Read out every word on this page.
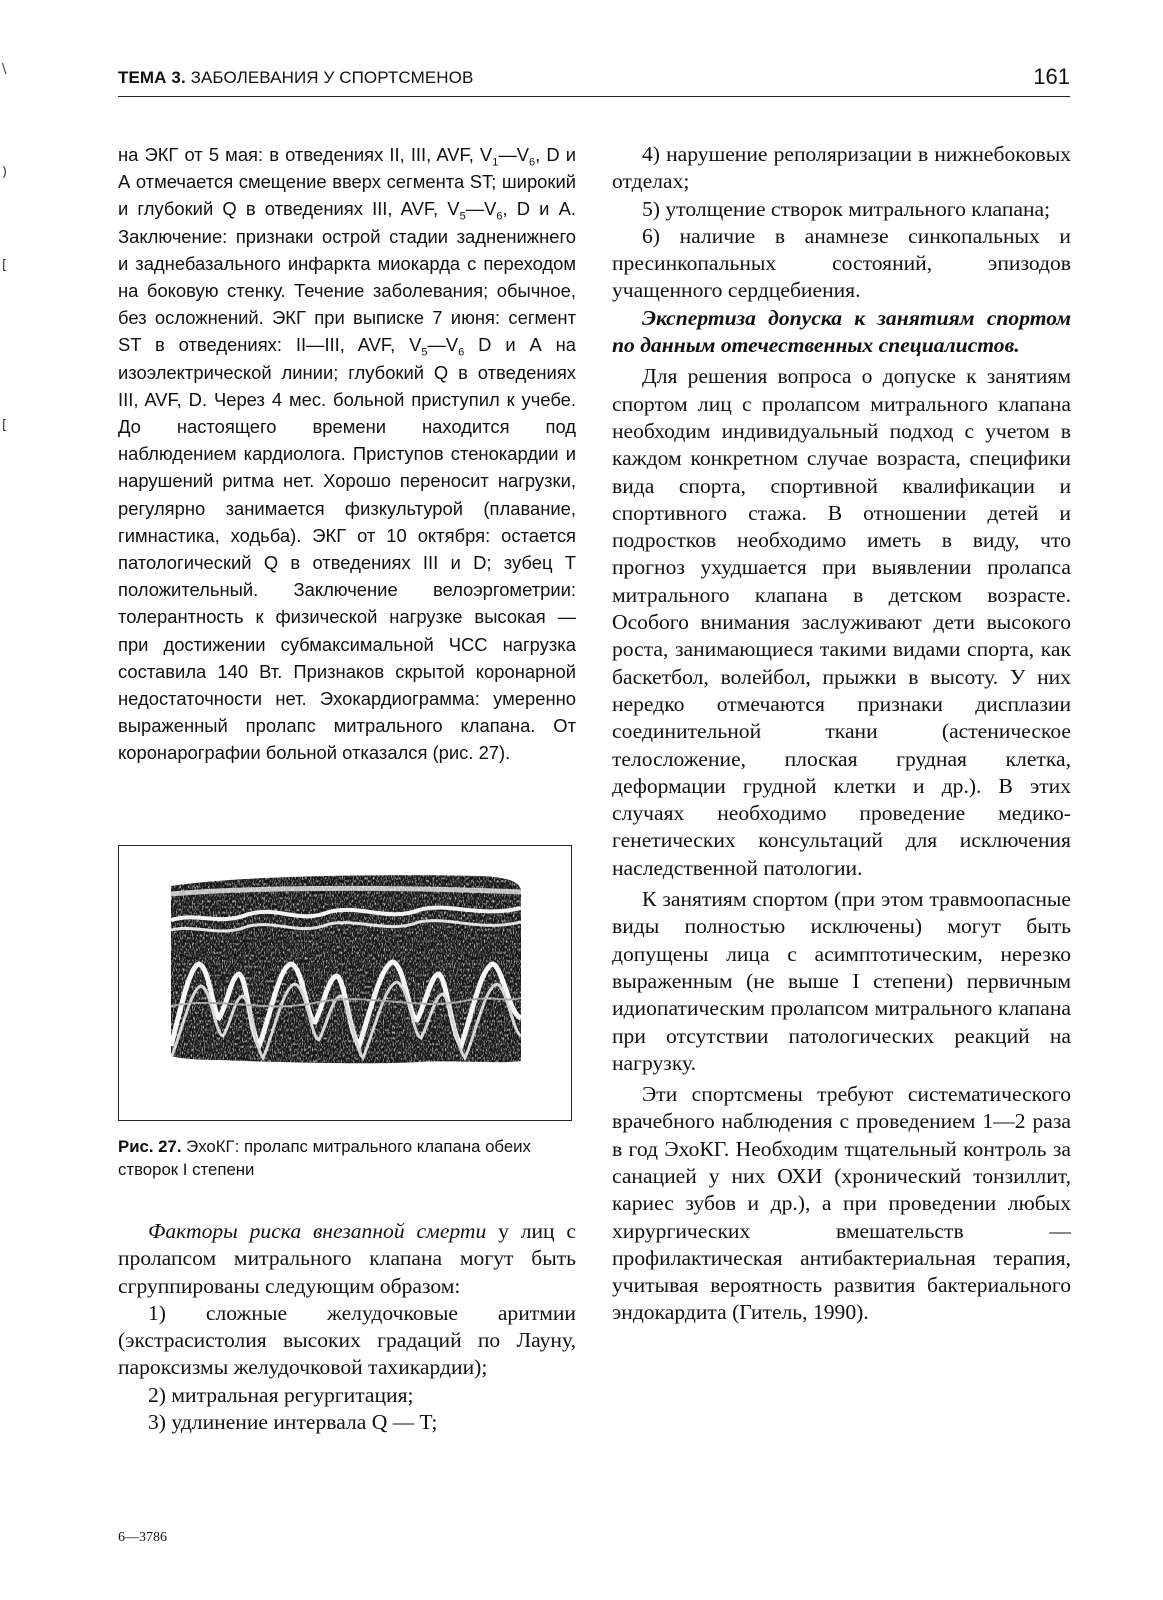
\
)
[
[
ТЕМА 3. ЗАБОЛЕВАНИЯ У СПОРТСМЕНОВ	161

на ЭКГ от 5 мая: в отведениях II, III, AVF, $V_1—V_6$, D и А отмечается смещение вверх сегмента ST; широкий и глубокий Q в отведениях III, AVF, $V_5—V_6$, D и А. Заключение: признаки острой стадии задненижнего и заднебазального инфаркта миокарда с переходом на боковую стенку. Течение заболевания; обычное, без осложнений. ЭКГ при выписке 7 июня: сегмент ST в отведениях: II—III, AVF, $V_5—V_6$ D и А на изоэлектрической линии; глубокий Q в отведениях III, AVF, D. Через 4 мес. больной приступил к учебе. До настоящего времени находится под наблюдением кардиолога. Приступов стенокардии и нарушений ритма нет. Хорошо переносит нагрузки, регулярно занимается физкультурой (плавание, гимнастика, ходьба). ЭКГ от 10 октября: остается патологический Q в отведениях III и D; зубец Т положительный. Заключение велоэргометрии: толерантность к физической нагрузке высокая — при достижении субмаксимальной ЧСС нагрузка составила 140 Вт. Признаков скрытой коронарной недостаточности нет. Эхокардиограмма: умеренно выраженный пролапс митрального клапана. От коронарографии больной отказался (рис. 27).

Рис. 27. ЭхоКГ: пролапс митрального клапана обеих створок I степени

Факторы риска внезапной смерти у лиц с пролапсом митрального клапана могут быть сгруппированы следующим образом:

1) сложные желудочковые аритмии (экстрасистолия высоких градаций по Лауну, пароксизмы желудочковой тахикардии);

2) митральная регургитация;

3) удлинение интервала Q — T;

4) нарушение реполяризации в нижнебоковых отделах;

5) утолщение створок митрального клапана;

6) наличие в анамнезе синкопальных и пресинкопальных состояний, эпизодов учащенного сердцебиения.

Экспертиза допуска к занятиям спортом по данным отечественных специалистов.

Для решения вопроса о допуске к занятиям спортом лиц с пролапсом митрального клапана необходим индивидуальный подход с учетом в каждом конкретном случае возраста, специфики вида спорта, спортивной квалификации и спортивного стажа. В отношении детей и подростков необходимо иметь в виду, что прогноз ухудшается при выявлении пролапса митрального клапана в детском возрасте. Особого внимания заслуживают дети высокого роста, занимающиеся такими видами спорта, как баскетбол, волейбол, прыжки в высоту. У них нередко отмечаются признаки дисплазии соединительной ткани (астеническое телосложение, плоская грудная клетка, деформации грудной клетки и др.). В этих случаях необходимо проведение медико-генетических консультаций для исключения наследственной патологии.

К занятиям спортом (при этом травмоопасные виды полностью исключены) могут быть допущены лица с асимптотическим, нерезко выраженным (не выше I степени) первичным идиопатическим пролапсом митрального клапана при отсутствии патологических реакций на нагрузку.

Эти спортсмены требуют систематического врачебного наблюдения с проведением 1—2 раза в год ЭхоКГ. Необходим тщательный контроль за санацией у них ОХИ (хронический тонзиллит, кариес зубов и др.), а при проведении любых хирургических вмешательств — профилактическая антибактериальная терапия, учитывая вероятность развития бактериального эндокардита (Гитель, 1990).

6—3786
